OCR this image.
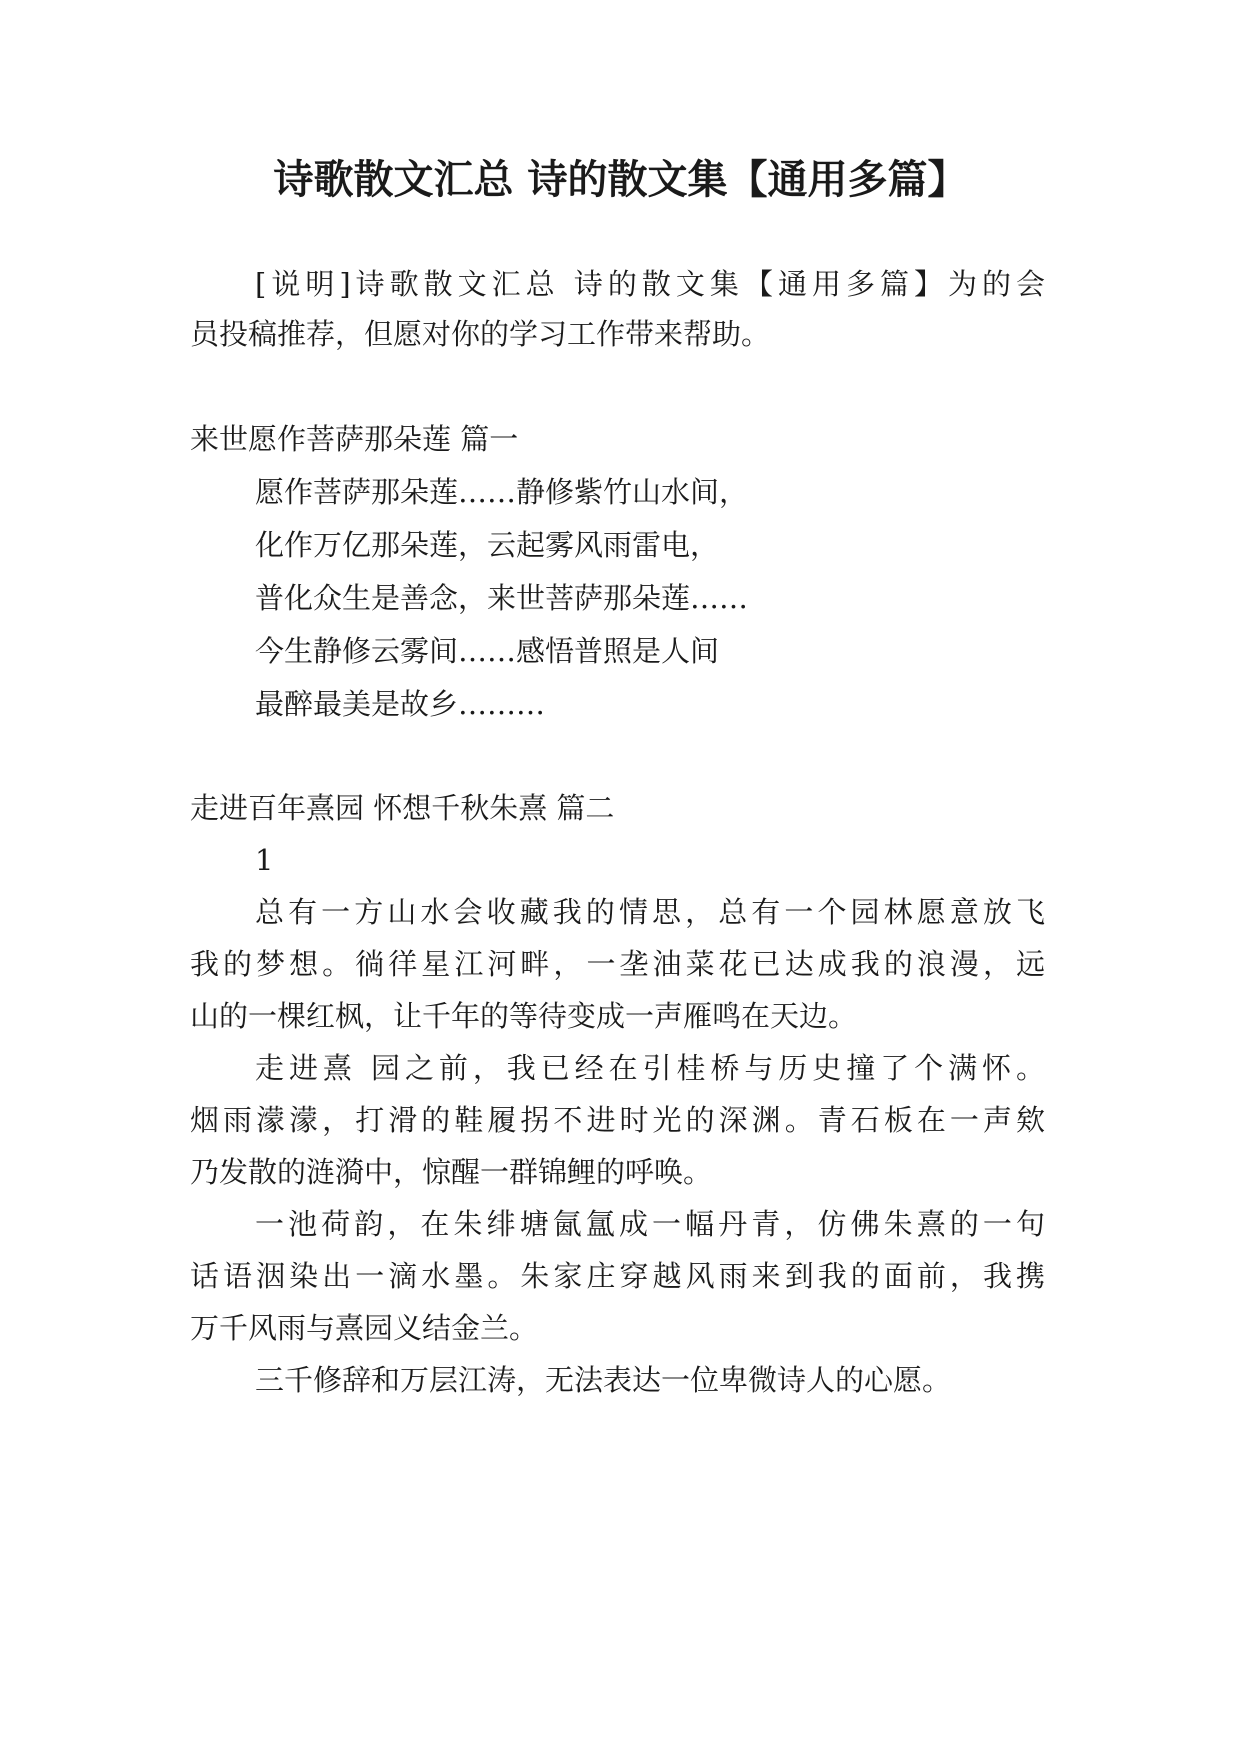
诗歌散文汇总 诗的散文集【通用多篇】

[说明]诗歌散文汇总 诗的散文集【通用多篇】为的会

员投稿推荐，但愿对你的学习工作带来帮助。

来世愿作菩萨那朵莲 篇一

愿作菩萨那朵莲……静修紫竹山水间，

化作万亿那朵莲，云起雾风雨雷电，

普化众生是善念，来世菩萨那朵莲……

今生静修云雾间……感悟普照是人间

最醉最美是故乡………

走进百年熹园 怀想千秋朱熹 篇二

1

总有一方山水会收藏我的情思，总有一个园林愿意放飞

我的梦想。徜徉星江河畔，一垄油菜花已达成我的浪漫，远

山的一棵红枫，让千年的等待变成一声雁鸣在天边。

走进熹 园之前，我已经在引桂桥与历史撞了个满怀。

烟雨濛濛，打滑的鞋履拐不进时光的深渊。青石板在一声欸

乃发散的涟漪中，惊醒一群锦鲤的呼唤。

一池荷韵，在朱绯塘氤氲成一幅丹青，仿佛朱熹的一句

话语洇染出一滴水墨。朱家庄穿越风雨来到我的面前，我携

万千风雨与熹园义结金兰。

三千修辞和万层江涛，无法表达一位卑微诗人的心愿。
